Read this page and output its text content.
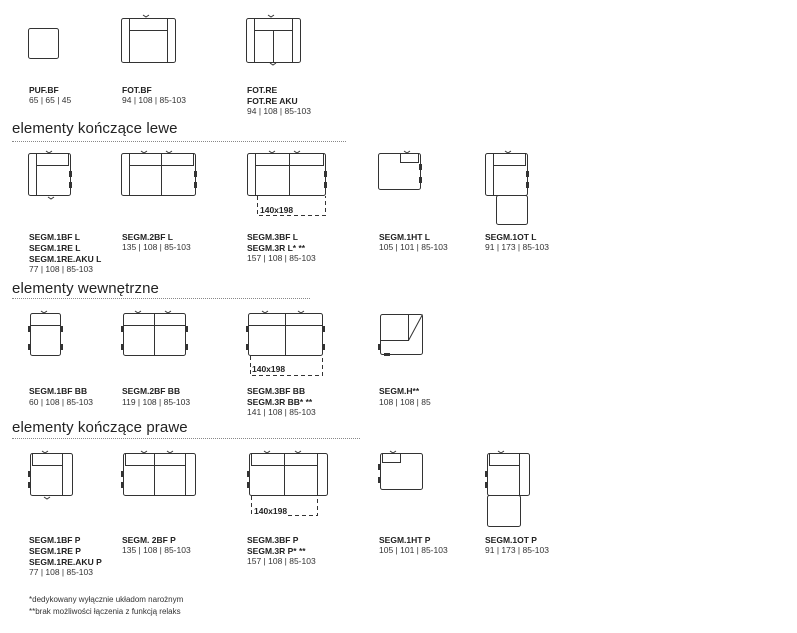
PUF.BF
65 | 65 | 45
FOT.BF
94 | 108 | 85-103
FOT.RE
FOT.RE AKU
94 | 108 | 85-103
elementy kończące lewe
140x198
SEGM.1BF L
SEGM.1RE L
SEGM.1RE.AKU L
77 | 108 | 85-103
SEGM.2BF L
135 | 108 | 85-103
SEGM.3BF L
SEGM.3R L* **
157 | 108 | 85-103
SEGM.1HT L
105 | 101 | 85-103
SEGM.1OT L
91 | 173 | 85-103
elementy wewnętrzne
140x198
SEGM.1BF BB
60 | 108 | 85-103
SEGM.2BF BB
119 | 108 | 85-103
SEGM.3BF BB
SEGM.3R BB* **
141 | 108 | 85-103
SEGM.H**
108 | 108 | 85
elementy kończące prawe
140x198
SEGM.1BF P
SEGM.1RE P
SEGM.1RE.AKU P
77 | 108 | 85-103
SEGM. 2BF P
135 | 108 | 85-103
SEGM.3BF P
SEGM.3R P* **
157 | 108 | 85-103
SEGM.1HT P
105 | 101 | 85-103
SEGM.1OT P
91 | 173 | 85-103
*dedykowany wyłącznie układom narożnym
**brak możliwości łączenia z funkcją relaks
